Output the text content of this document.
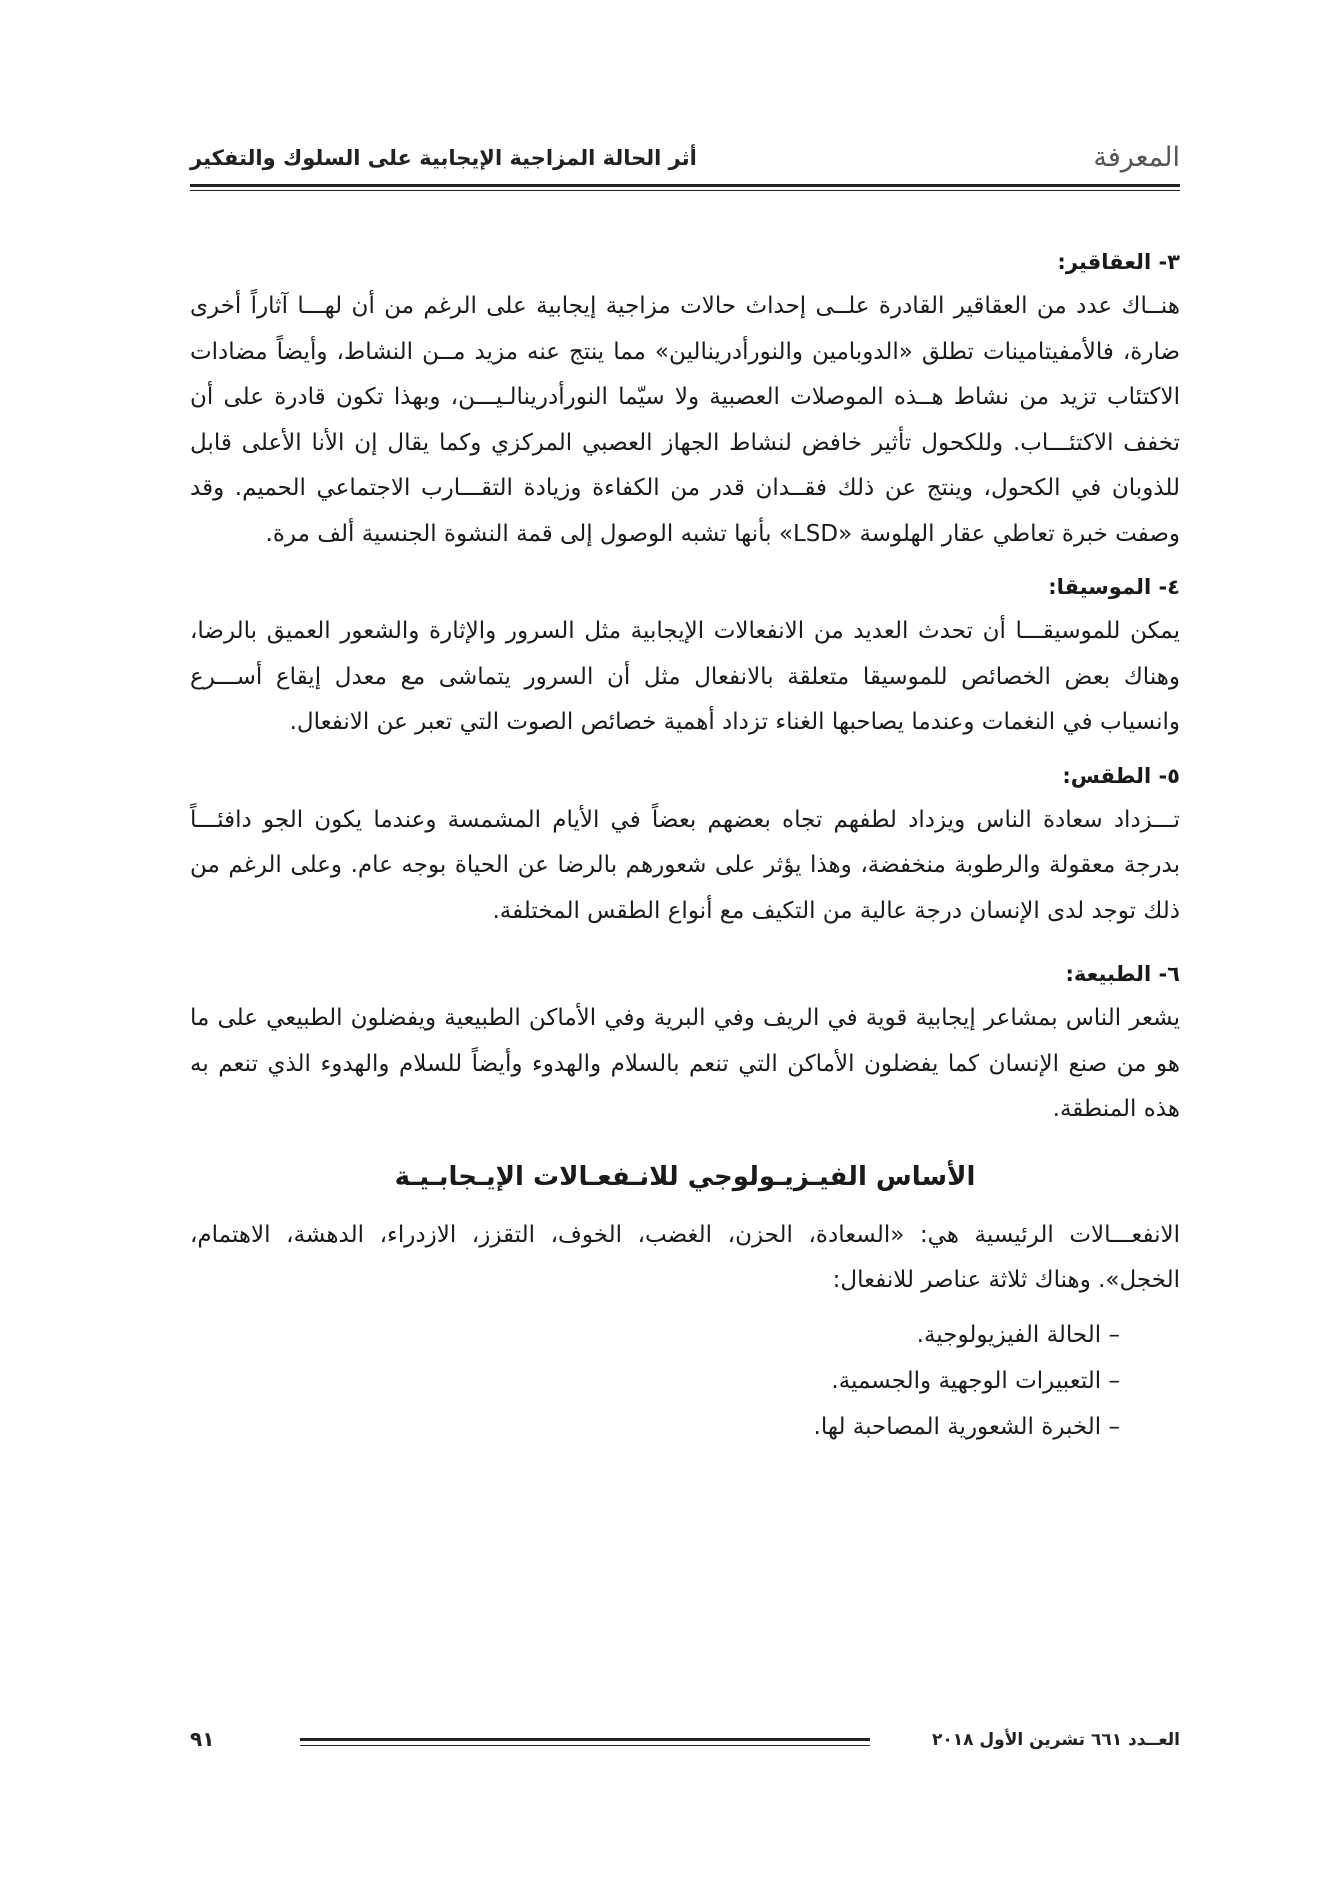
المعرفة
أثر الحالة المزاجية الإيجابية على السلوك والتفكير
٣- العقاقير:

هنــاك عدد من العقاقير القادرة علــى إحداث حالات مزاجية إيجابية على الرغم من أن لهـــا آثاراً أخرى ضارة، فالأمفيتامينات تطلق «الدوبامين والنورأدرينالين» مما ينتج عنه مزيد مــن النشاط، وأيضاً مضادات الاكتئاب تزيد من نشاط هــذه الموصلات العصبية ولا سيّما النورأدرينالـيـــن، وبهذا تكون قادرة على أن تخفف الاكتئـــاب. وللكحول تأثير خافض لنشاط الجهاز العصبي المركزي وكما يقال إن الأنا الأعلى قابل للذوبان في الكحول، وينتج عن ذلك فقــدان قدر من الكفاءة وزيادة التقـــارب الاجتماعي الحميم. وقد وصفت خبرة تعاطي عقار الهلوسة «LSD» بأنها تشبه الوصول إلى قمة النشوة الجنسية ألف مرة.

٤- الموسيقا:

يمكن للموسيقـــا أن تحدث العديد من الانفعالات الإيجابية مثل السرور والإثارة والشعور العميق بالرضا، وهناك بعض الخصائص للموسيقا متعلقة بالانفعال مثل أن السرور يتماشى مع معدل إيقاع أســـرع وانسياب في النغمات وعندما يصاحبها الغناء تزداد أهمية خصائص الصوت التي تعبر عن الانفعال.

٥- الطقس:

تـــزداد سعادة الناس ويزداد لطفهم تجاه بعضهم بعضاً في الأيام المشمسة وعندما يكون الجو دافئـــاً بدرجة معقولة والرطوبة منخفضة، وهذا يؤثر على شعورهم بالرضا عن الحياة بوجه عام. وعلى الرغم من ذلك توجد لدى الإنسان درجة عالية من التكيف مع أنواع الطقس المختلفة.

٦- الطبيعة:

يشعر الناس بمشاعر إيجابية قوية في الريف وفي البرية وفي الأماكن الطبيعية ويفضلون الطبيعي على ما هو من صنع الإنسان كما يفضلون الأماكن التي تنعم بالسلام والهدوء وأيضاً للسلام والهدوء الذي تنعم به هذه المنطقة.

الأساس الفيـزيـولوجي للانـفعـالات الإيـجابـيـة

الانفعـــالات الرئيسية هي: «السعادة، الحزن، الغضب، الخوف، التقزز، الازدراء، الدهشة، الاهتمام، الخجل». وهناك ثلاثة عناصر للانفعال:

– الحالة الفيزيولوجية.

– التعبيرات الوجهية والجسمية.

– الخبرة الشعورية المصاحبة لها.

العــدد ٦٦١ تشرين الأول ٢٠١٨
٩١
